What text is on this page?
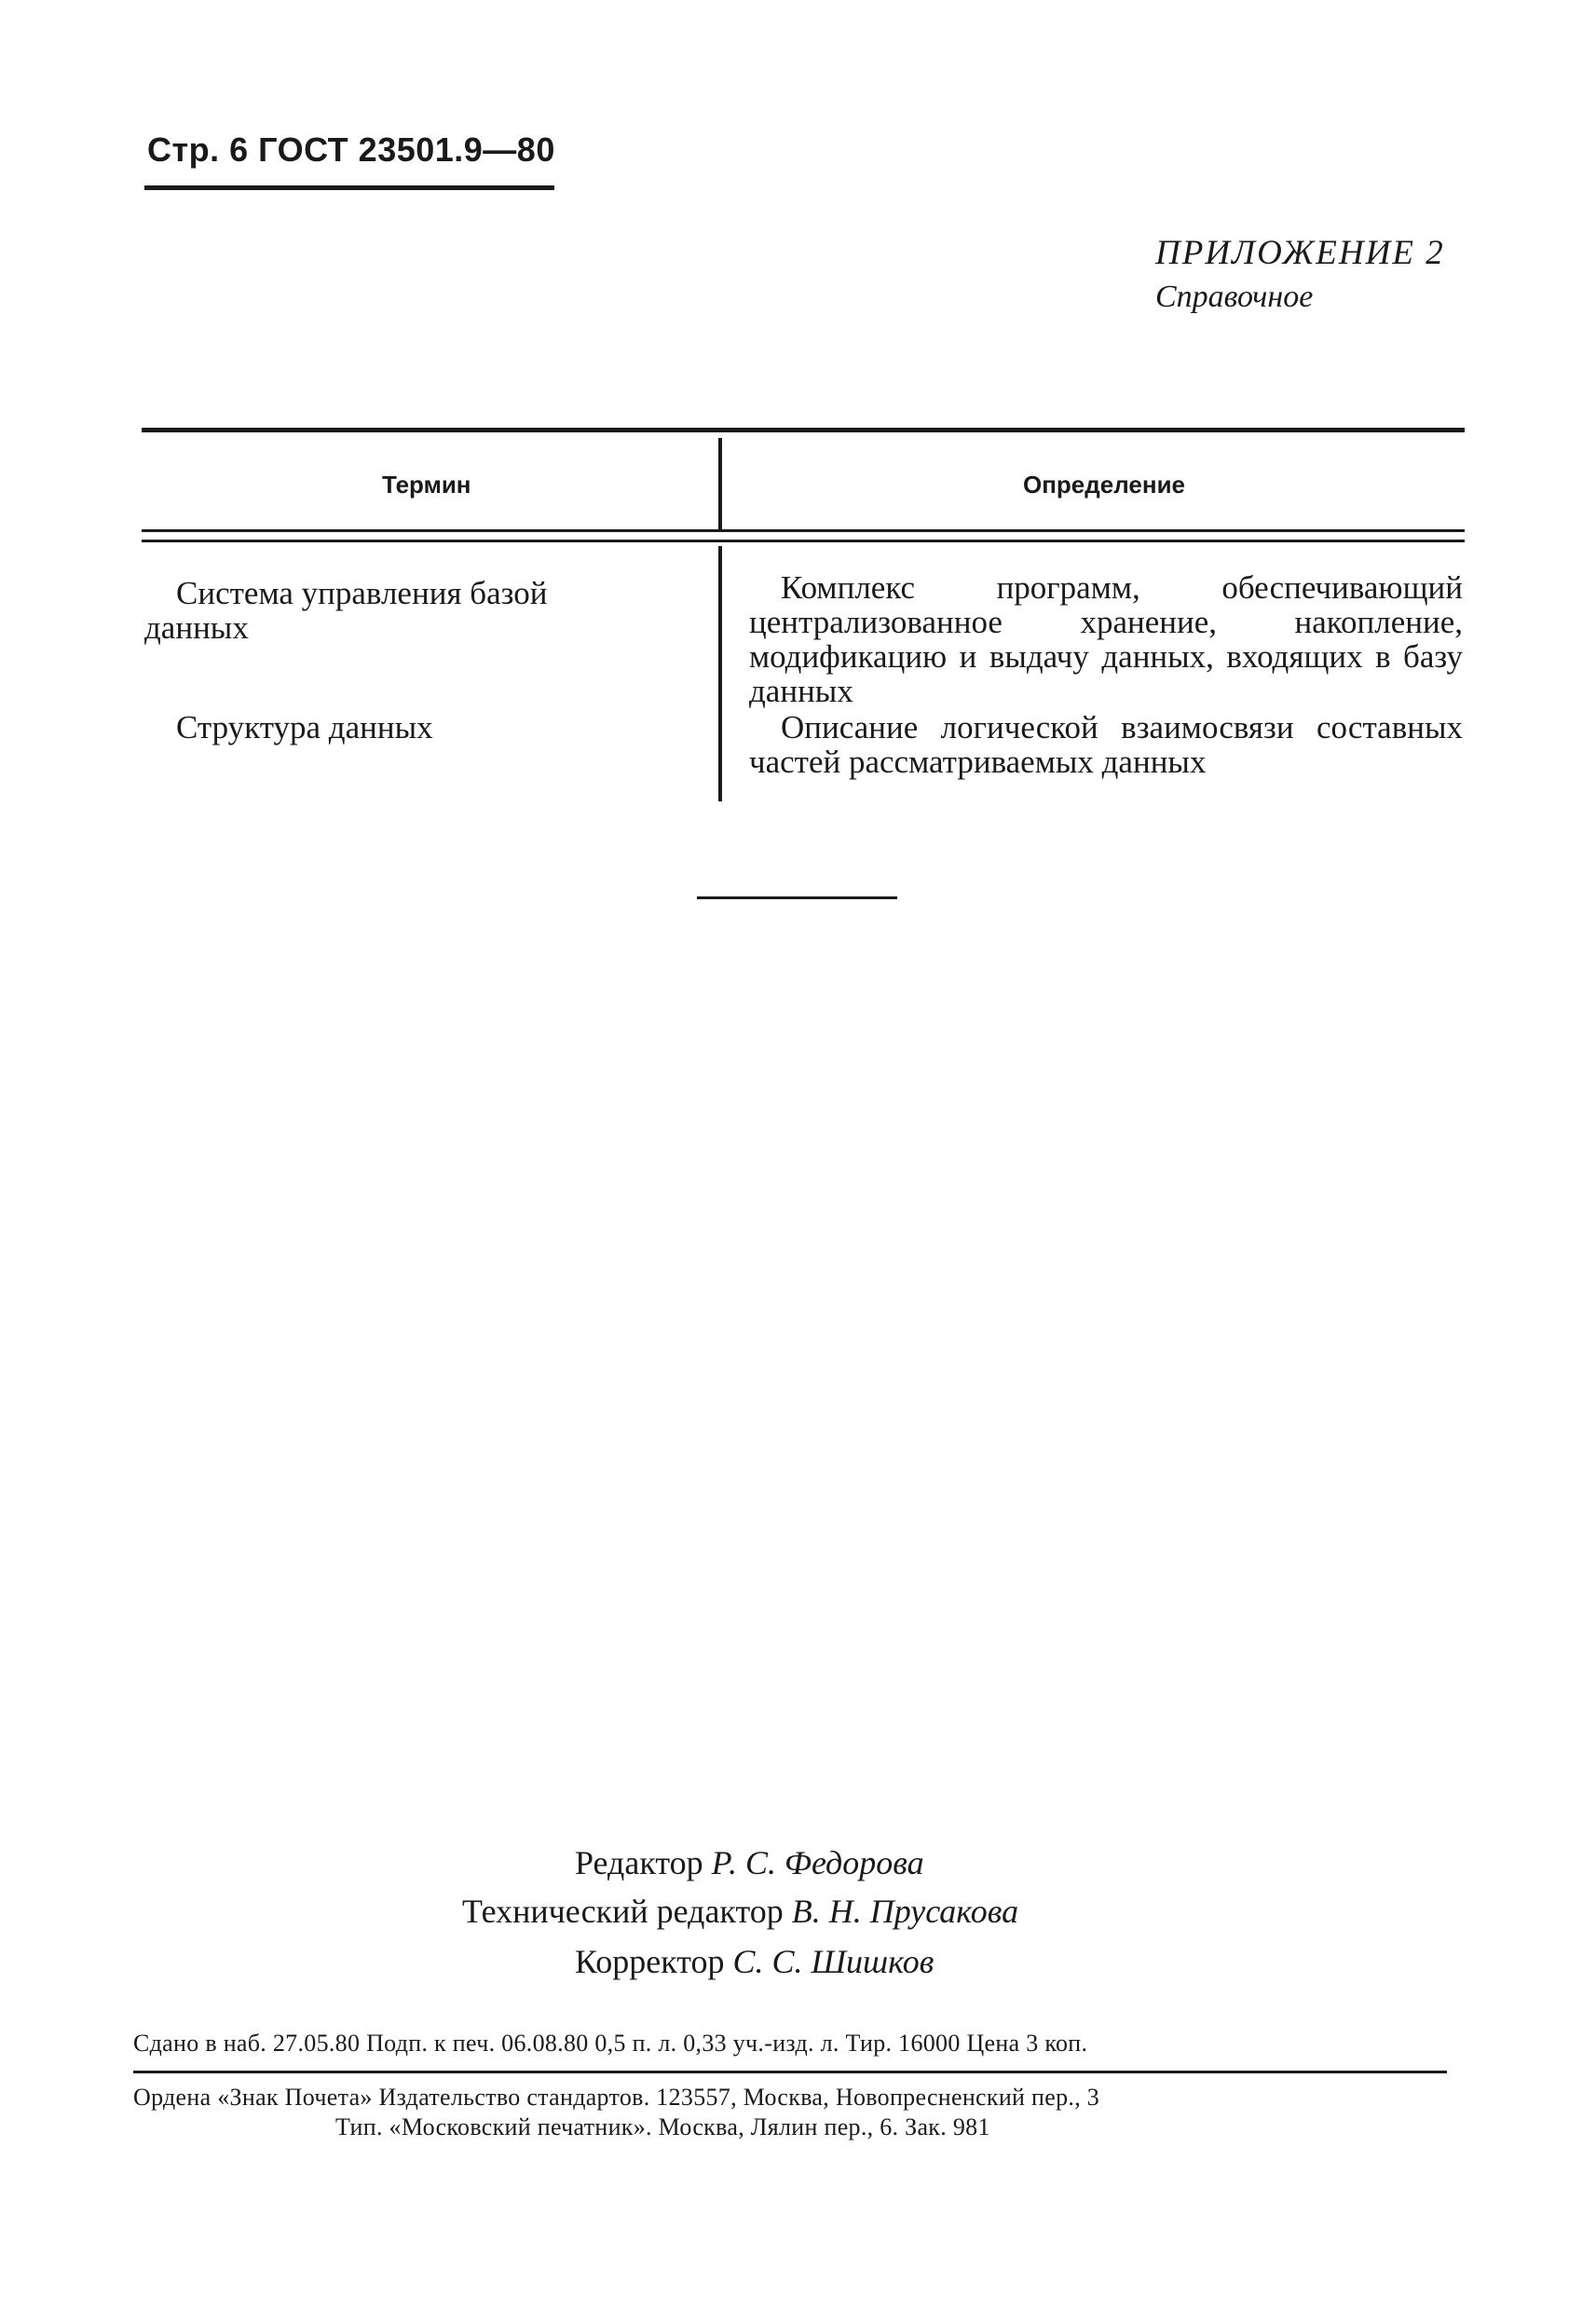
Стр. 6 ГОСТ 23501.9—80
ПРИЛОЖЕНИЕ 2
Справочное
Термин	Определение
Система управления базой данных
Комплекс программ, обеспечивающий централизованное хранение, накопление, модификацию и выдачу данных, входящих в базу данных
Структура данных	Описание логической взаимосвязи составных частей рассматриваемых данных
Редактор Р. С. Федорова
Технический редактор В. Н. Прусакова
Корректор С. С. Шишков
Сдано в наб. 27.05.80 Подп. к печ. 06.08.80 0,5 п. л. 0,33 уч.-изд. л. Тир. 16000 Цена 3 коп.
Ордена «Знак Почета» Издательство стандартов. 123557, Москва, Новопресненский пер., 3
Тип. «Московский печатник». Москва, Лялин пер., 6. Зак. 981
